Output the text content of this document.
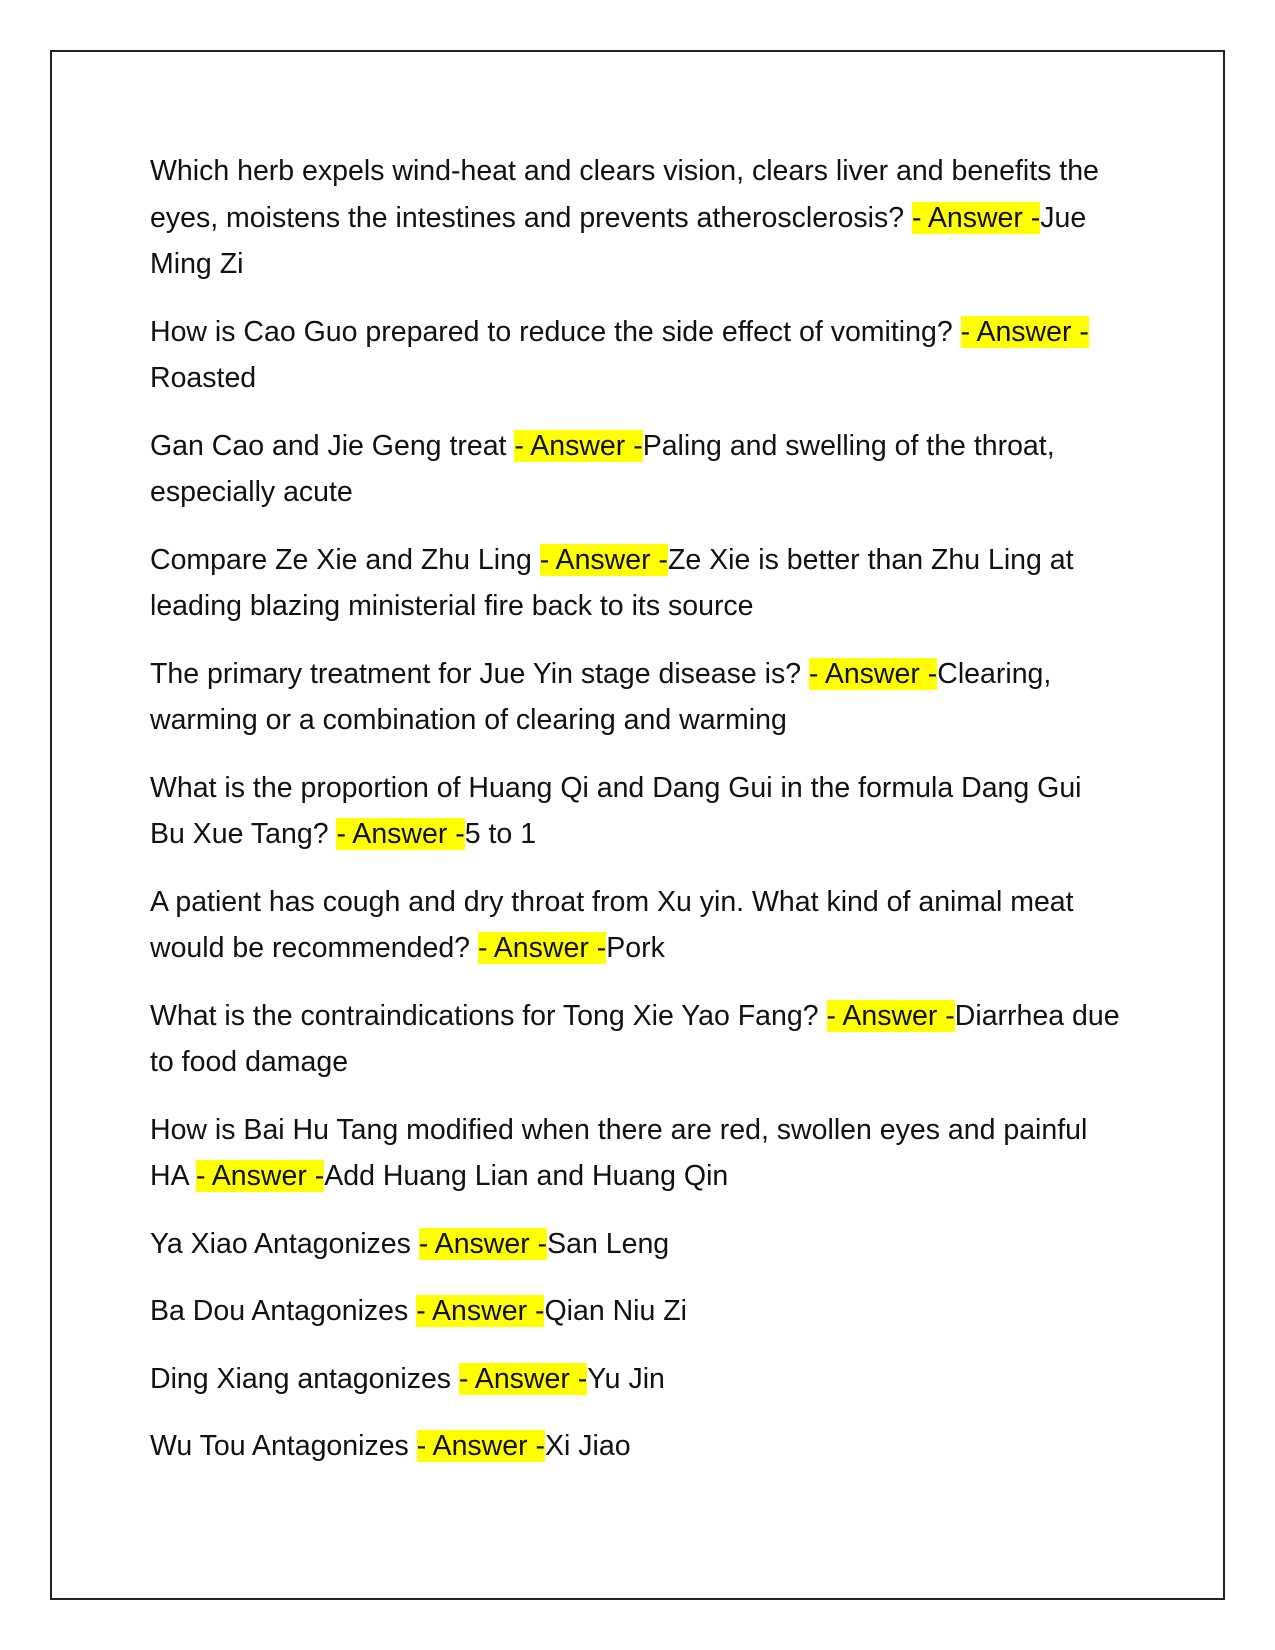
Which herb expels wind-heat and clears vision, clears liver and benefits the eyes, moistens the intestines and prevents atherosclerosis? - Answer -Jue Ming Zi
How is Cao Guo prepared to reduce the side effect of vomiting? - Answer -Roasted
Gan Cao and Jie Geng treat - Answer -Paling and swelling of the throat, especially acute
Compare Ze Xie and Zhu Ling - Answer -Ze Xie is better than Zhu Ling at leading blazing ministerial fire back to its source
The primary treatment for Jue Yin stage disease is? - Answer -Clearing, warming or a combination of clearing and warming
What is the proportion of Huang Qi and Dang Gui in the formula Dang Gui Bu Xue Tang? - Answer -5 to 1
A patient has cough and dry throat from Xu yin. What kind of animal meat would be recommended? - Answer -Pork
What is the contraindications for Tong Xie Yao Fang? - Answer -Diarrhea due to food damage
How is Bai Hu Tang modified when there are red, swollen eyes and painful HA - Answer -Add Huang Lian and Huang Qin
Ya Xiao Antagonizes - Answer -San Leng
Ba Dou Antagonizes - Answer -Qian Niu Zi
Ding Xiang antagonizes - Answer -Yu Jin
Wu Tou Antagonizes - Answer -Xi Jiao
